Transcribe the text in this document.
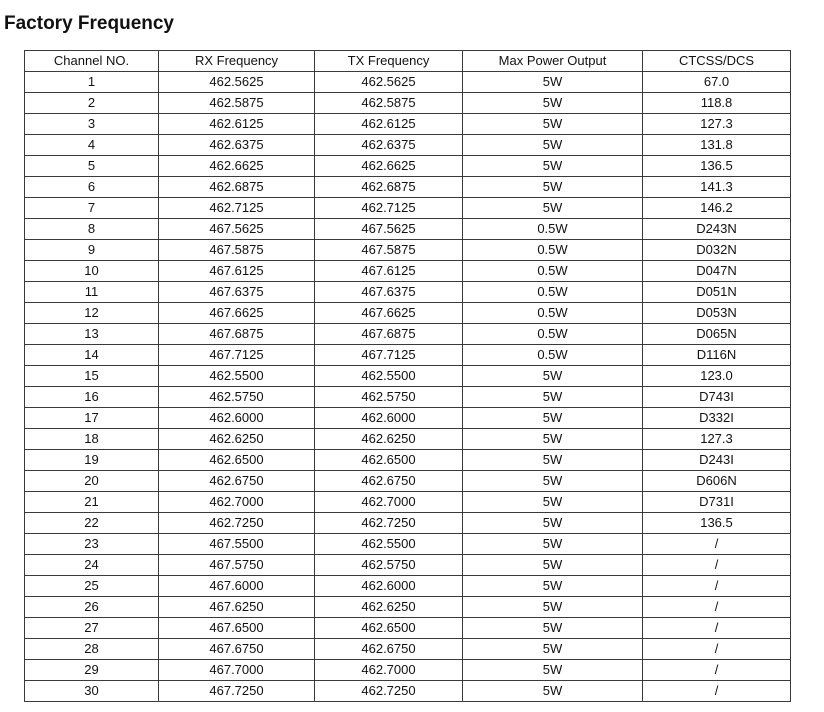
Factory Frequency
Channel NO.	RX Frequency	TX Frequency	Max Power Output	CTCSS/DCS
1	462.5625	462.5625	5W	67.0
2	462.5875	462.5875	5W	118.8
3	462.6125	462.6125	5W	127.3
4	462.6375	462.6375	5W	131.8
5	462.6625	462.6625	5W	136.5
6	462.6875	462.6875	5W	141.3
7	462.7125	462.7125	5W	146.2
8	467.5625	467.5625	0.5W	D243N
9	467.5875	467.5875	0.5W	D032N
10	467.6125	467.6125	0.5W	D047N
11	467.6375	467.6375	0.5W	D051N
12	467.6625	467.6625	0.5W	D053N
13	467.6875	467.6875	0.5W	D065N
14	467.7125	467.7125	0.5W	D116N
15	462.5500	462.5500	5W	123.0
16	462.5750	462.5750	5W	D743I
17	462.6000	462.6000	5W	D332I
18	462.6250	462.6250	5W	127.3
19	462.6500	462.6500	5W	D243I
20	462.6750	462.6750	5W	D606N
21	462.7000	462.7000	5W	D731I
22	462.7250	462.7250	5W	136.5
23	467.5500	462.5500	5W	/
24	467.5750	462.5750	5W	/
25	467.6000	462.6000	5W	/
26	467.6250	462.6250	5W	/
27	467.6500	462.6500	5W	/
28	467.6750	462.6750	5W	/
29	467.7000	462.7000	5W	/
30	467.7250	462.7250	5W	/
